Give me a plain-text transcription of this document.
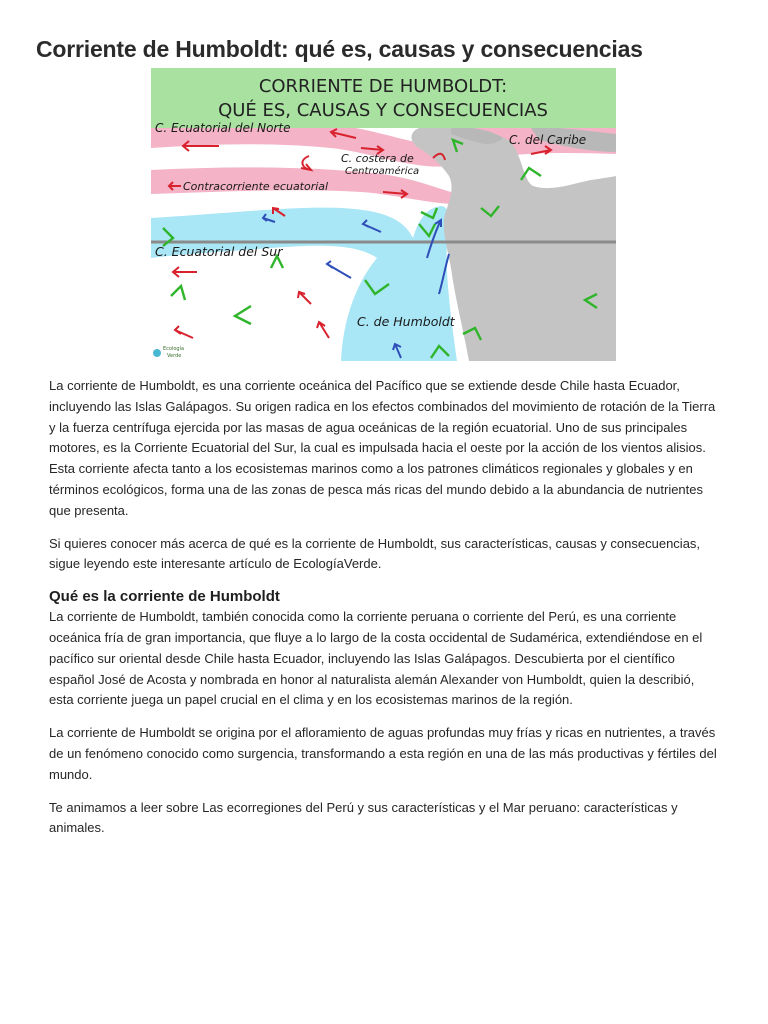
Corriente de Humboldt: qué es, causas y consecuencias
CORRIENTE DE HUMBOLDT:
QUÉ ES, CAUSAS Y CONSECUENCIAS
C. Ecuatorial del Norte
C. del Caribe
C. costera de
Centroamérica
Contracorriente ecuatorial
C. Ecuatorial del Sur
C. de Humboldt
Ecología
Verde

La corriente de Humboldt, es una corriente oceánica del Pacífico que se extiende desde Chile hasta Ecuador, incluyendo las Islas Galápagos. Su origen radica en los efectos combinados del movimiento de rotación de la Tierra y la fuerza centrífuga ejercida por las masas de agua oceánicas de la región ecuatorial. Uno de sus principales motores, es la Corriente Ecuatorial del Sur, la cual es impulsada hacia el oeste por la acción de los vientos alisios. Esta corriente afecta tanto a los ecosistemas marinos como a los patrones climáticos regionales y globales y en términos ecológicos, forma una de las zonas de pesca más ricas del mundo debido a la abundancia de nutrientes que presenta.

Si quieres conocer más acerca de qué es la corriente de Humboldt, sus características, causas y consecuencias, sigue leyendo este interesante artículo de EcologíaVerde.

Qué es la corriente de Humboldt

La corriente de Humboldt, también conocida como la corriente peruana o corriente del Perú, es una corriente oceánica fría de gran importancia, que fluye a lo largo de la costa occidental de Sudamérica, extendiéndose en el pacífico sur oriental desde Chile hasta Ecuador, incluyendo las Islas Galápagos. Descubierta por el científico español José de Acosta y nombrada en honor al naturalista alemán Alexander von Humboldt, quien la describió, esta corriente juega un papel crucial en el clima y en los ecosistemas marinos de la región.

La corriente de Humboldt se origina por el afloramiento de aguas profundas muy frías y ricas en nutrientes, a través de un fenómeno conocido como surgencia, transformando a esta región en una de las más productivas y fértiles del mundo.

Te animamos a leer sobre Las ecorregiones del Perú y sus características y el Mar peruano: características y animales.
